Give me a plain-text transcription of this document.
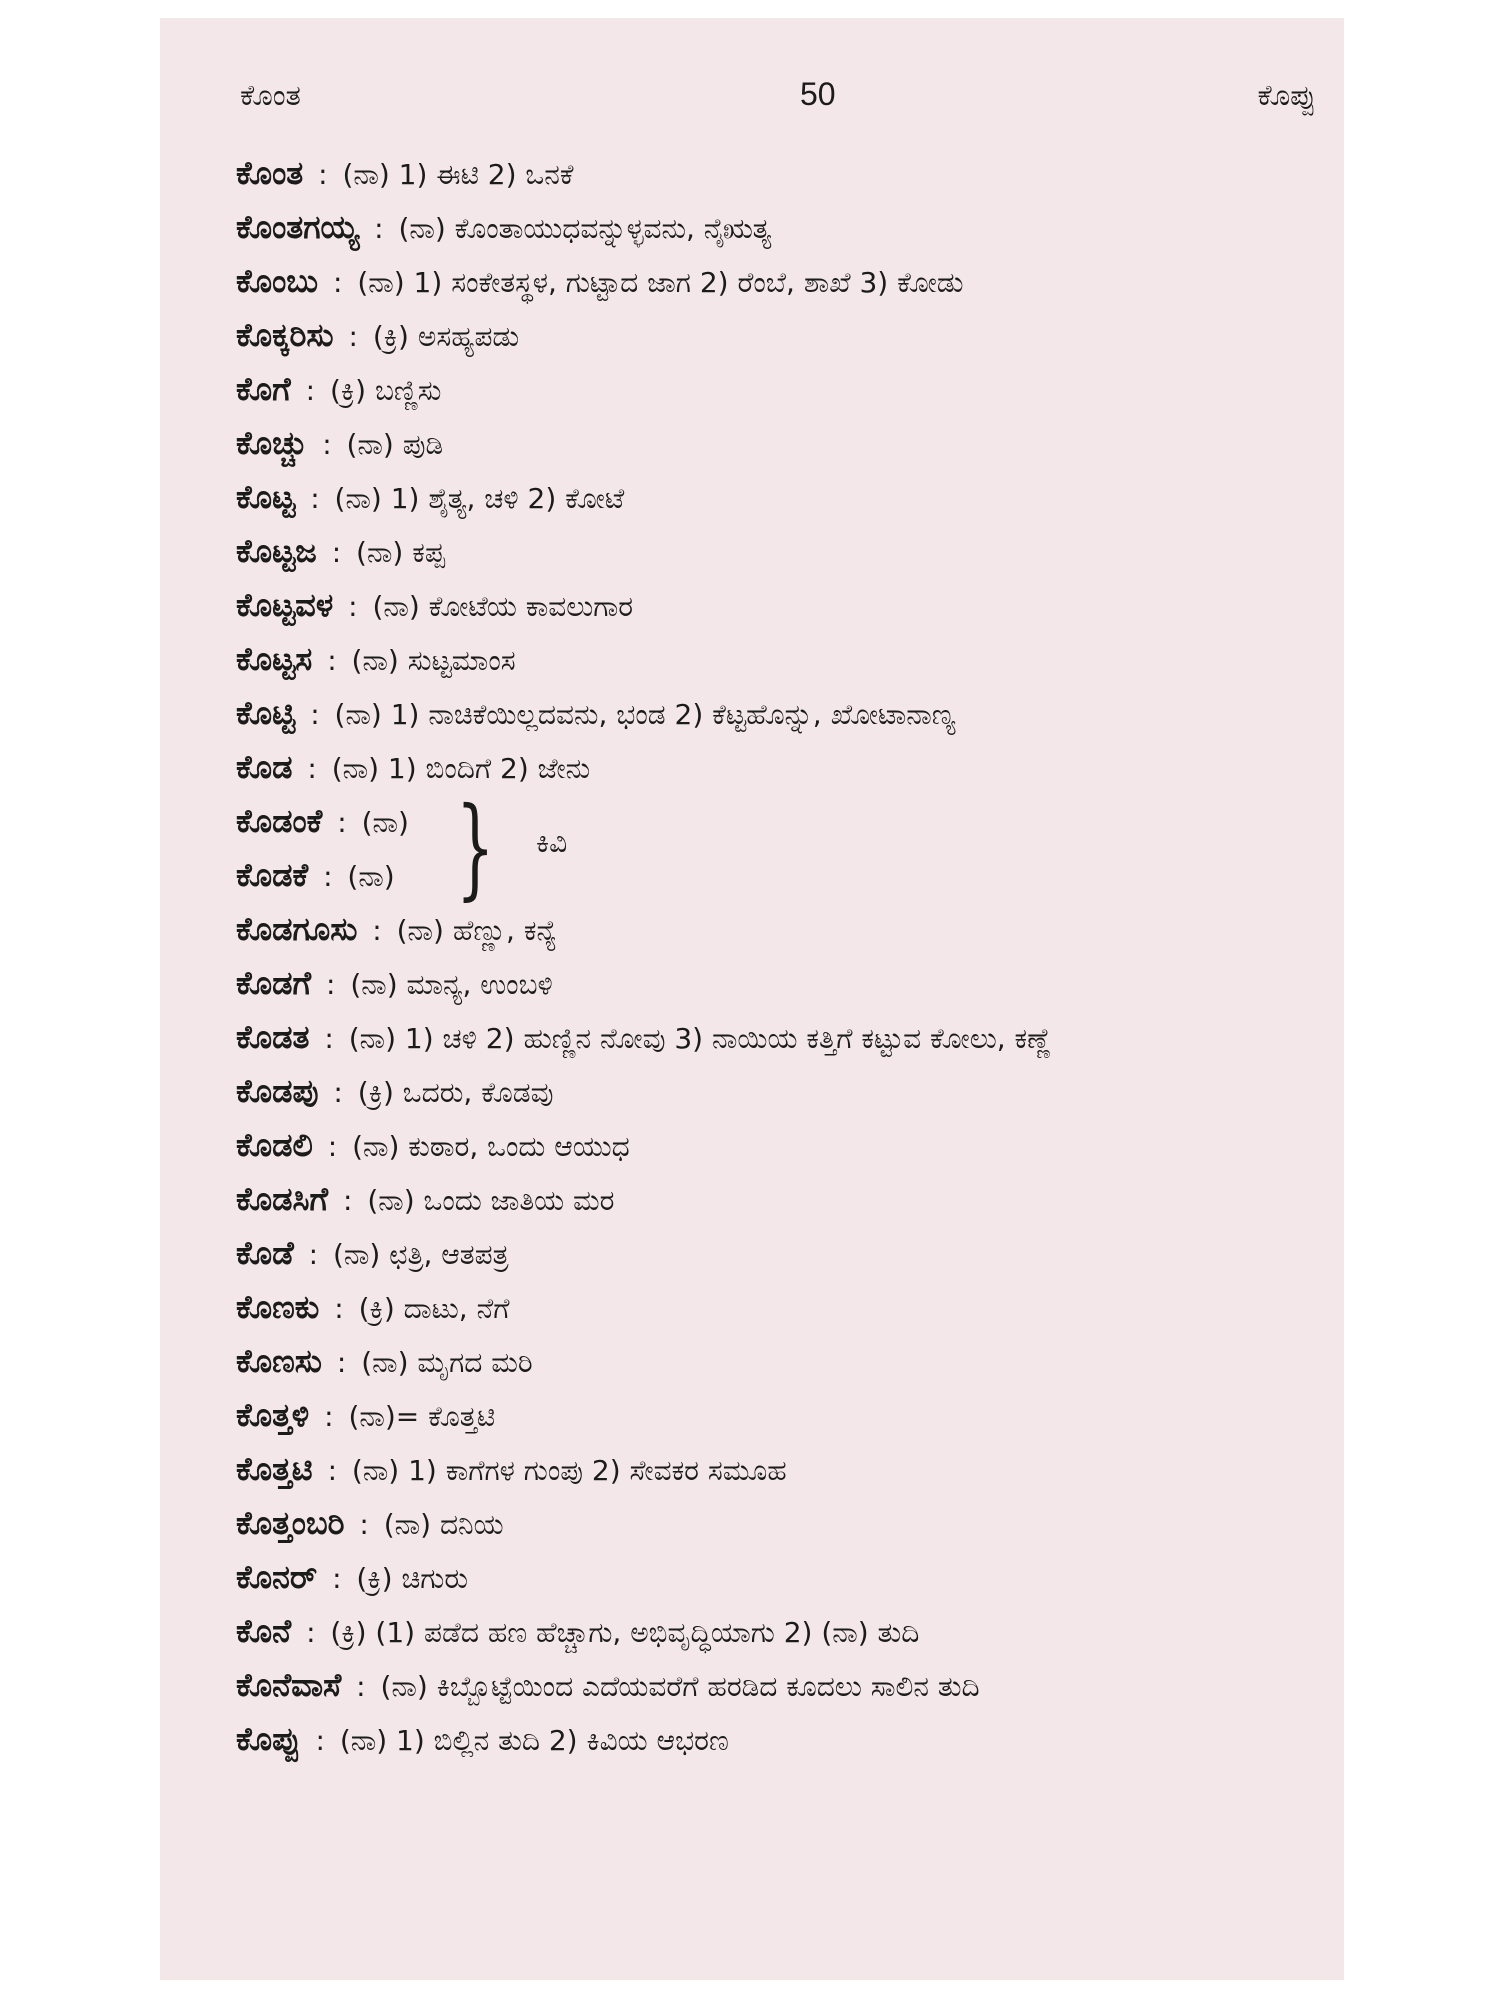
ಕೊಂತ	50	ಕೊಪ್ಪು
ಕೊಂತ : (ನಾ) 1) ಈಟಿ 2) ಒನಕೆ
ಕೊಂತಗಯ್ಯ : (ನಾ) ಕೊಂತಾಯುಧವನ್ನುಳ್ಳವನು, ನೈಋತ್ಯ
ಕೊಂಬು : (ನಾ) 1) ಸಂಕೇತಸ್ಥಳ, ಗುಟ್ಟಾದ ಜಾಗ 2) ರೆಂಬೆ, ಶಾಖೆ 3) ಕೋಡು
ಕೊಕ್ಕರಿಸು : (ಕ್ರಿ) ಅಸಹ್ಯಪಡು
ಕೊಗೆ : (ಕ್ರಿ) ಬಣ್ಣಿಸು
ಕೊಚ್ಚು : (ನಾ) ಪುಡಿ
ಕೊಟ್ಟ : (ನಾ) 1) ಶೈತ್ಯ, ಚಳಿ 2) ಕೋಟೆ
ಕೊಟ್ಟಜ : (ನಾ) ಕಪ್ಪ
ಕೊಟ್ಟವಳ : (ನಾ) ಕೋಟೆಯ ಕಾವಲುಗಾರ
ಕೊಟ್ಟಸ : (ನಾ) ಸುಟ್ಟಮಾಂಸ
ಕೊಟ್ಟಿ : (ನಾ) 1) ನಾಚಿಕೆಯಿಲ್ಲದವನು, ಭಂಡ 2) ಕೆಟ್ಟಹೊನ್ನು, ಖೋಟಾನಾಣ್ಯ
ಕೊಡ : (ನಾ) 1) ಬಿಂದಿಗೆ 2) ಜೇನು
ಕೊಡಂಕೆ : (ನಾ)
ಕೊಡಕೆ : (ನಾ) } ಕಿವಿ
ಕೊಡಗೂಸು : (ನಾ) ಹೆಣ್ಣು, ಕನ್ಯೆ
ಕೊಡಗೆ : (ನಾ) ಮಾನ್ಯ, ಉಂಬಳಿ
ಕೊಡತ : (ನಾ) 1) ಚಳಿ 2) ಹುಣ್ಣಿನ ನೋವು 3) ನಾಯಿಯ ಕತ್ತಿಗೆ ಕಟ್ಟುವ ಕೋಲು, ಕಣ್ಣೆ
ಕೊಡಪು : (ಕ್ರಿ) ಒದರು, ಕೊಡವು
ಕೊಡಲಿ : (ನಾ) ಕುಠಾರ, ಒಂದು ಆಯುಧ
ಕೊಡಸಿಗೆ : (ನಾ) ಒಂದು ಜಾತಿಯ ಮರ
ಕೊಡೆ : (ನಾ) ಛತ್ರಿ, ಆತಪತ್ರ
ಕೊಣಕು : (ಕ್ರಿ) ದಾಟು, ನೆಗೆ
ಕೊಣಸು : (ನಾ) ಮೃಗದ ಮರಿ
ಕೊತ್ತಳಿ : (ನಾ)= ಕೊತ್ತಟಿ
ಕೊತ್ತಟಿ : (ನಾ) 1) ಕಾಗೆಗಳ ಗುಂಪು 2) ಸೇವಕರ ಸಮೂಹ
ಕೊತ್ತಂಬರಿ : (ನಾ) ದನಿಯ
ಕೊನರ್ : (ಕ್ರಿ) ಚಿಗುರು
ಕೊನೆ : (ಕ್ರಿ) (1) ಪಡೆದ ಹಣ ಹೆಚ್ಚಾಗು, ಅಭಿವೃದ್ಧಿಯಾಗು 2) (ನಾ) ತುದಿ
ಕೊನೆವಾಸೆ : (ನಾ) ಕಿಬ್ಬೊಟ್ಟೆಯಿಂದ ಎದೆಯವರೆಗೆ ಹರಡಿದ ಕೂದಲು ಸಾಲಿನ ತುದಿ
ಕೊಪ್ಪು : (ನಾ) 1) ಬಿಲ್ಲಿನ ತುದಿ 2) ಕಿವಿಯ ಆಭರಣ
